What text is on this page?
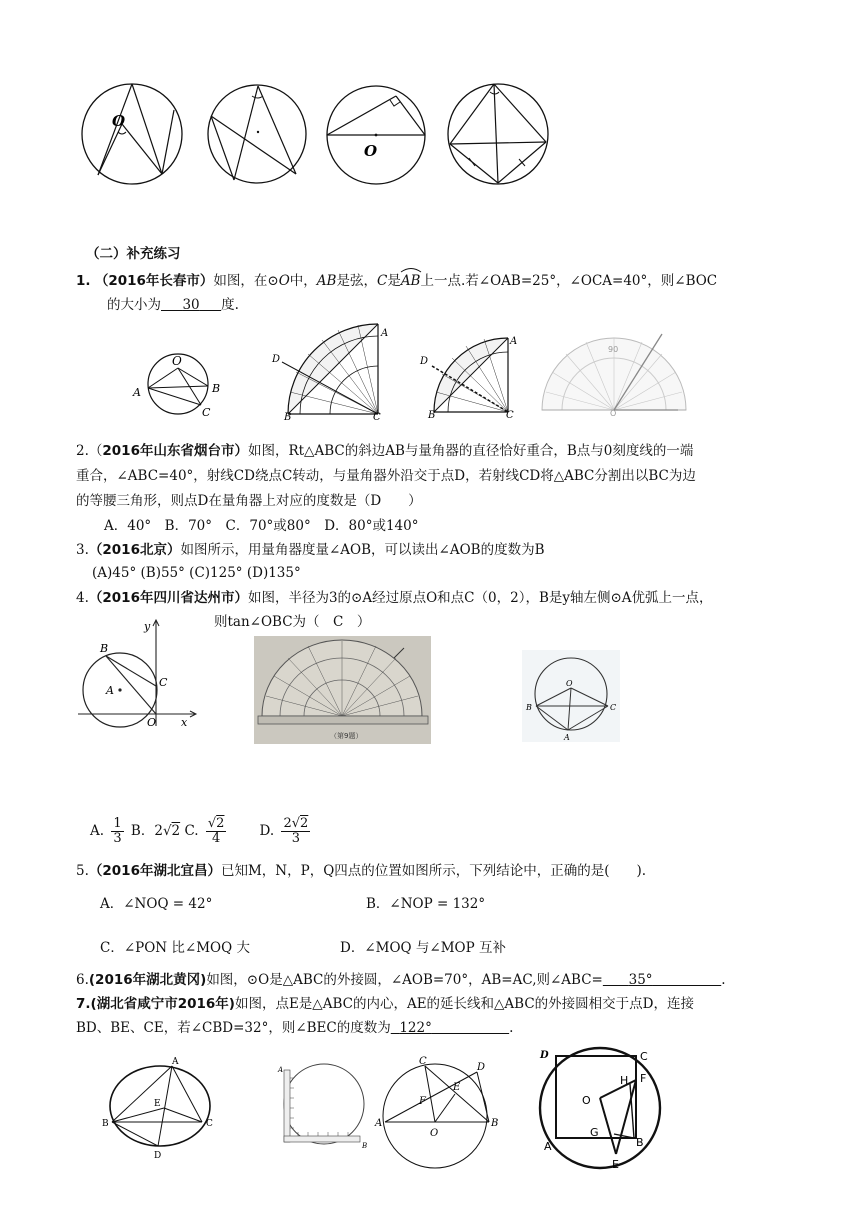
O
O
（二）补充练习
1. （2016年长春市）如图，在⊙O中，AB是弦，C是AB
上一点.若∠OAB=25°，∠OCA=40°，则∠BOC
的大小为 30 度.
O
A	B
C
D
A
B	C
D
A
B	C
90
O
2.（2016年山东省烟台市）如图，Rt△ABC的斜边AB与量角器的直径恰好重合，B点与0刻度线的一端
重合，∠ABC=40°，射线CD绕点C转动，与量角器外沿交于点D，若射线CD将△ABC分割出以BC为边
的等腰三角形，则点D在量角器上对应的度数是（D　　）
A．40°　B．70°　C．70°或80°　D．80°或140°
3.（2016北京）如图所示，用量角器度量∠AOB，可以读出∠AOB的度数为B
(A)45° (B)55° (C)125° (D)135°
4.（2016年四川省达州市）如图，半径为3的⊙A经过原点O和点C（0，2），B是y轴左侧⊙A优弧上一点，
则tan∠OBC为（　C　）
y
x
B
C
A
O
（第9题）
O
B	C
A
A. $\frac{1}{3}$ B．2√2 C. $\frac{√2}{4} D$. $\frac{2√2}{3}$
5.（2016年湖北宜昌）已知M，N，P，Q四点的位置如图所示，下列结论中，正确的是(　　).
A．∠NOQ = 42°	B．∠NOP = 132°
C．∠PON 比∠MOQ 大	D．∠MOQ 与∠MOP 互补
6.(2016年湖北黄冈)如图，⊙O是△ABC的外接圆，∠AOB=70°，AB=AC,则∠ABC= 35°	.
7.(湖北省咸宁市2016年)如图，点E是△ABC的内心，AE的延长线和△ABC的外接圆相交于点D，连接
BD、BE、CE，若∠CBD=32°，则∠BEC的度数为 122°	.
A
B	C
E
D
A
B
C
D
E
F
A	B
O
D	C
H F
O
G
A	B
E
